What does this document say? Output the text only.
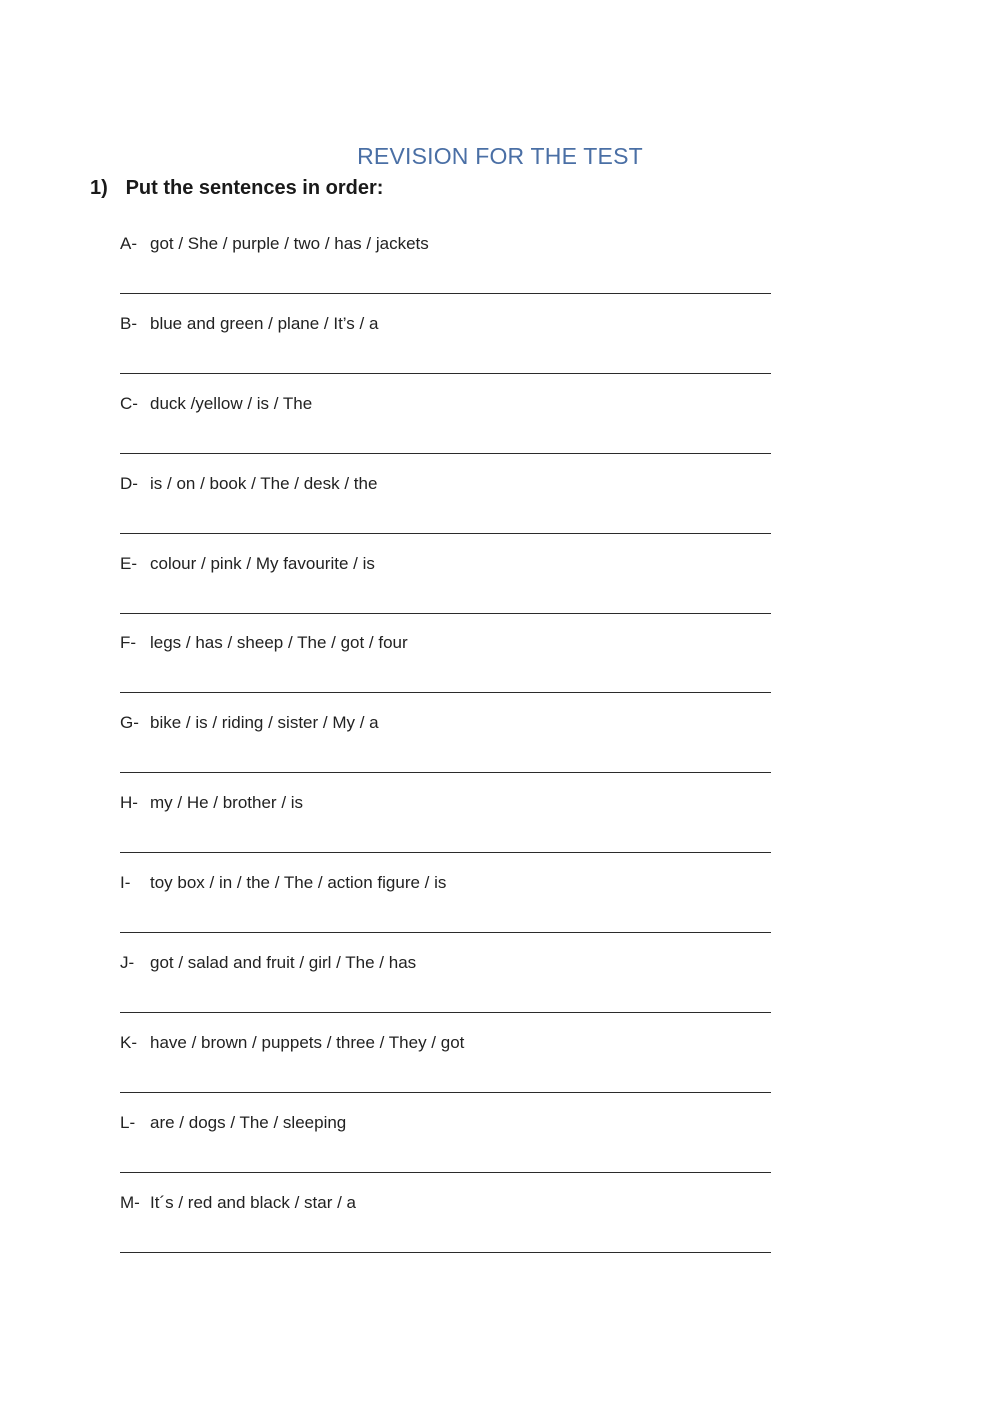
REVISION FOR THE TEST
1) Put the sentences in order:
A- got / She / purple / two / has / jackets
B- blue and green / plane / It’s / a
C- duck /yellow / is / The
D- is / on / book / The / desk / the
E- colour / pink / My favourite / is
F- legs / has / sheep / The / got / four
G- bike / is / riding / sister / My / a
H- my / He / brother / is
I- toy box / in / the / The / action figure / is
J- got / salad and fruit / girl / The / has
K- have / brown / puppets / three / They / got
L- are / dogs / The / sleeping
M- It´s / red and black / star / a
